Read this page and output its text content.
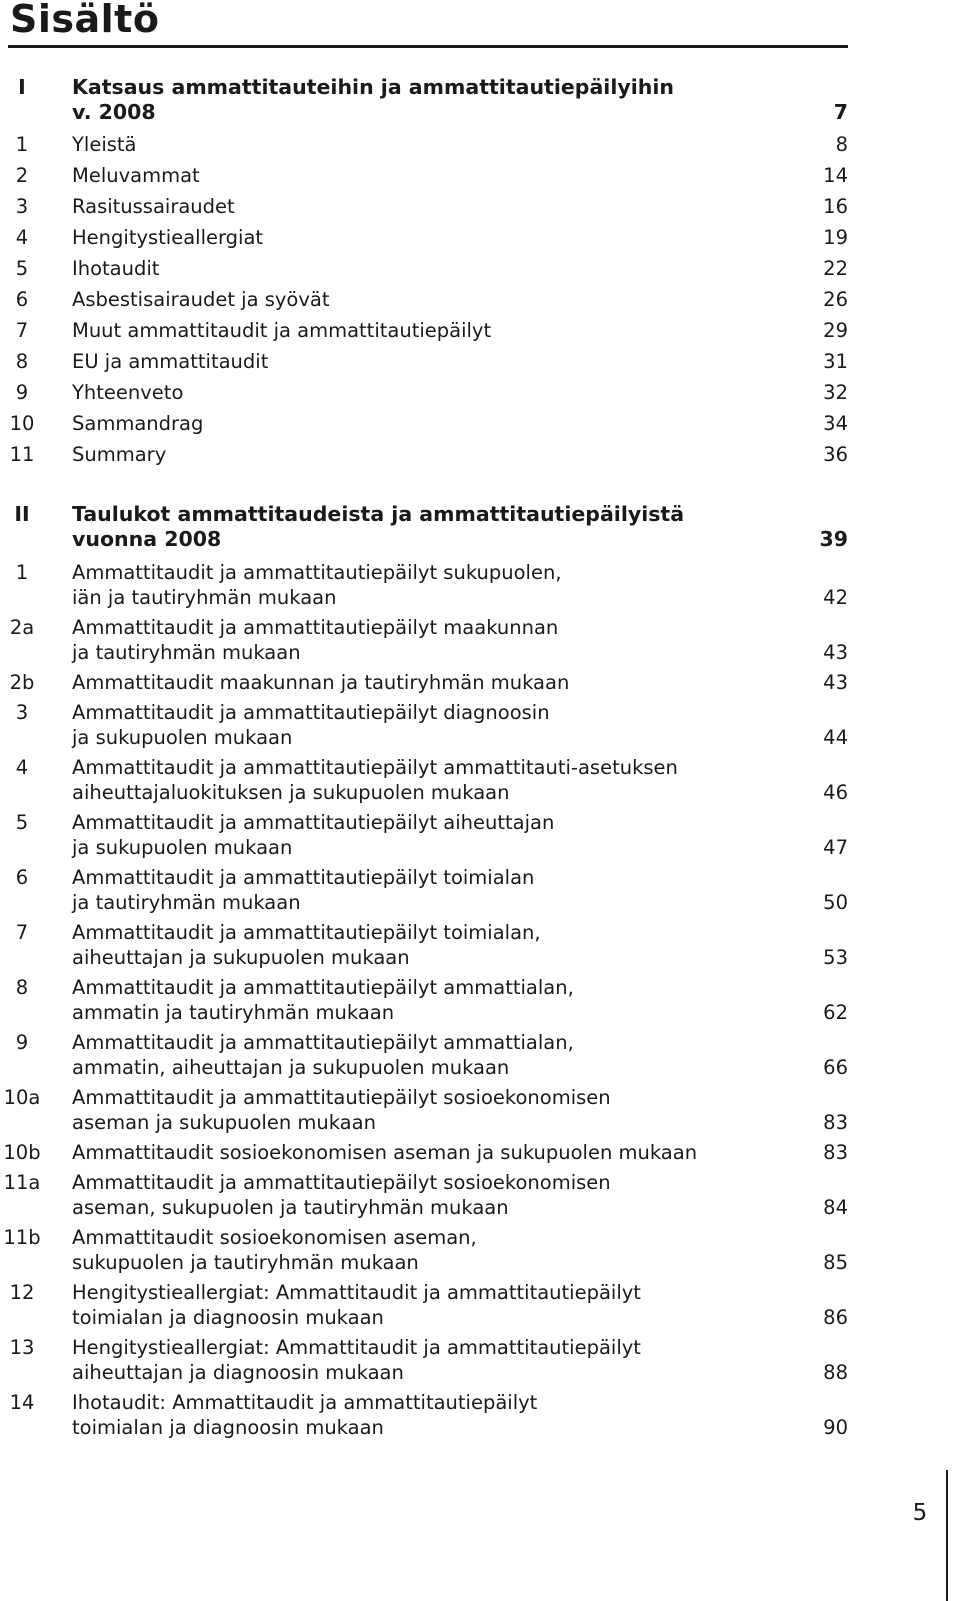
Sisältö
I	Katsaus ammattitauteihin ja ammattitautiepäilyihin
v. 2008	7
1	Yleistä	8
2	Meluvammat	14
3	Rasitussairaudet	16
4	Hengitystieallergiat	19
5	Ihotaudit	22
6	Asbestisairaudet ja syövät	26
7	Muut ammattitaudit ja ammattitautiepäilyt	29
8	EU ja ammattitaudit	31
9	Yhteenveto	32
10	Sammandrag	34
11	Summary	36
II	Taulukot ammattitaudeista ja ammattitautiepäilyistä
vuonna 2008	39
1	Ammattitaudit ja ammattitautiepäilyt sukupuolen,
iän ja tautiryhmän mukaan	42
2a	Ammattitaudit ja ammattitautiepäilyt maakunnan
ja tautiryhmän mukaan	43
2b	Ammattitaudit maakunnan ja tautiryhmän mukaan	43
3	Ammattitaudit ja ammattitautiepäilyt diagnoosin
ja sukupuolen mukaan	44
4	Ammattitaudit ja ammattitautiepäilyt ammattitauti-asetuksen
aiheuttajaluokituksen ja sukupuolen mukaan	46
5	Ammattitaudit ja ammattitautiepäilyt aiheuttajan
ja sukupuolen mukaan	47
6	Ammattitaudit ja ammattitautiepäilyt toimialan
ja tautiryhmän mukaan	50
7	Ammattitaudit ja ammattitautiepäilyt toimialan,
aiheuttajan ja sukupuolen mukaan	53
8	Ammattitaudit ja ammattitautiepäilyt ammattialan,
ammatin ja tautiryhmän mukaan	62
9	Ammattitaudit ja ammattitautiepäilyt ammattialan,
ammatin, aiheuttajan ja sukupuolen mukaan	66
10a Ammattitaudit ja ammattitautiepäilyt sosioekonomisen
aseman ja sukupuolen mukaan	83
10b Ammattitaudit sosioekonomisen aseman ja sukupuolen mukaan	83
11a Ammattitaudit ja ammattitautiepäilyt sosioekonomisen
aseman, sukupuolen ja tautiryhmän mukaan	84
11b Ammattitaudit sosioekonomisen aseman,
sukupuolen ja tautiryhmän mukaan	85
12	Hengitystieallergiat: Ammattitaudit ja ammattitautiepäilyt
toimialan ja diagnoosin mukaan	86
13	Hengitystieallergiat: Ammattitaudit ja ammattitautiepäilyt
aiheuttajan ja diagnoosin mukaan	88
14	Ihotaudit: Ammattitaudit ja ammattitautiepäilyt
toimialan ja diagnoosin mukaan	90
5
